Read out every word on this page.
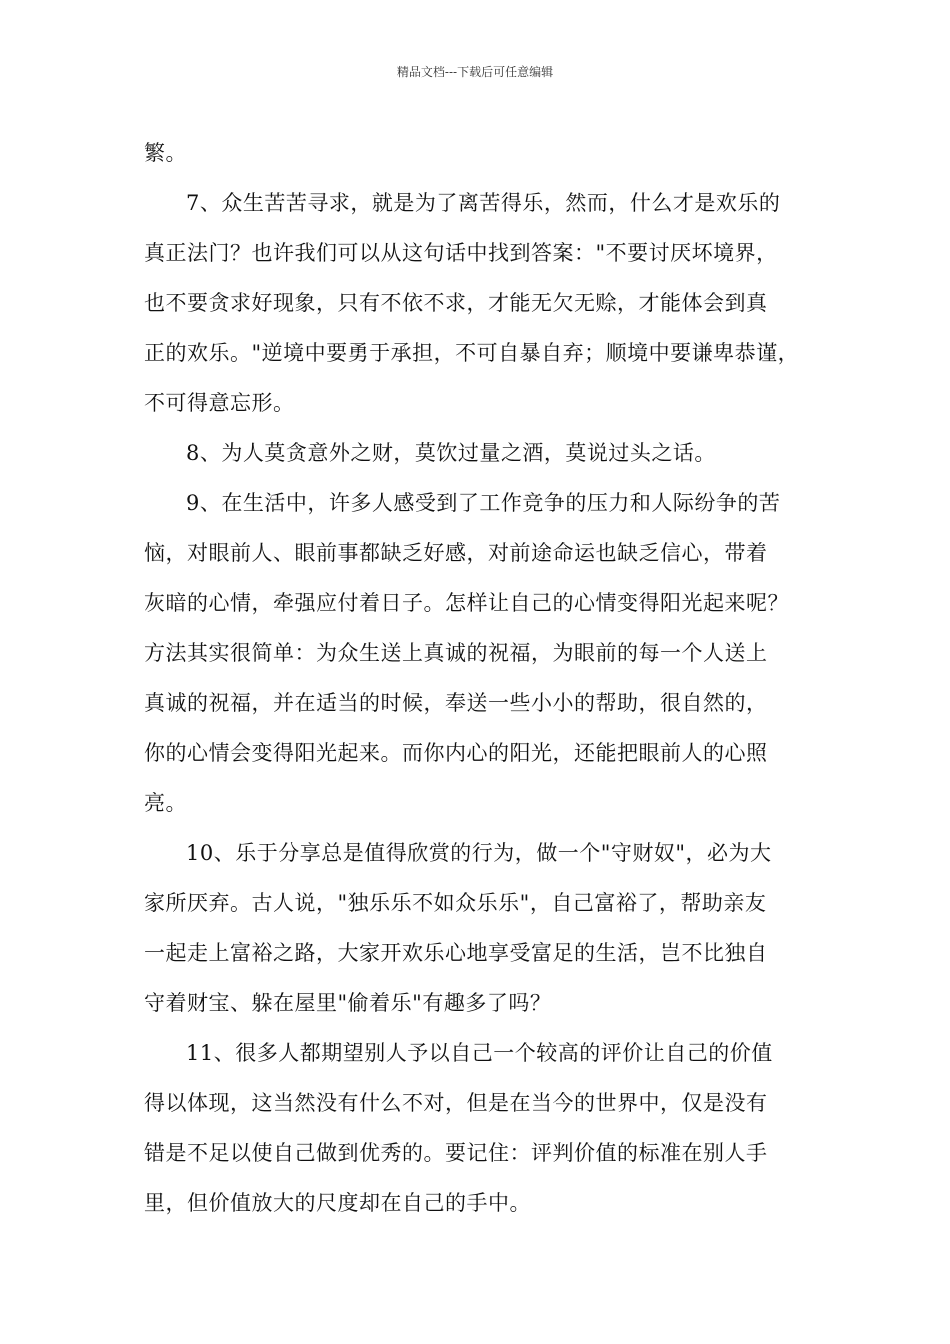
精品文档---下载后可任意编辑
繁。
7、众生苦苦寻求，就是为了离苦得乐，然而，什么才是欢乐的
真正法门？也许我们可以从这句话中找到答案："不要讨厌坏境界，
也不要贪求好现象，只有不依不求，才能无欠无赊，才能体会到真
正的欢乐。"逆境中要勇于承担，不可自暴自弃；顺境中要谦卑恭谨，
不可得意忘形。
8、为人莫贪意外之财，莫饮过量之酒，莫说过头之话。
9、在生活中，许多人感受到了工作竞争的压力和人际纷争的苦
恼，对眼前人、眼前事都缺乏好感，对前途命运也缺乏信心，带着
灰暗的心情，牵强应付着日子。怎样让自己的心情变得阳光起来呢？
方法其实很简单：为众生送上真诚的祝福，为眼前的每一个人送上
真诚的祝福，并在适当的时候，奉送一些小小的帮助，很自然的，
你的心情会变得阳光起来。而你内心的阳光，还能把眼前人的心照
亮。
10、乐于分享总是值得欣赏的行为，做一个"守财奴"，必为大
家所厌弃。古人说，"独乐乐不如众乐乐"，自己富裕了，帮助亲友
一起走上富裕之路，大家开欢乐心地享受富足的生活，岂不比独自
守着财宝、躲在屋里"偷着乐"有趣多了吗？
11、很多人都期望别人予以自己一个较高的评价让自己的价值
得以体现，这当然没有什么不对，但是在当今的世界中，仅是没有
错是不足以使自己做到优秀的。要记住：评判价值的标准在别人手
里，但价值放大的尺度却在自己的手中。
